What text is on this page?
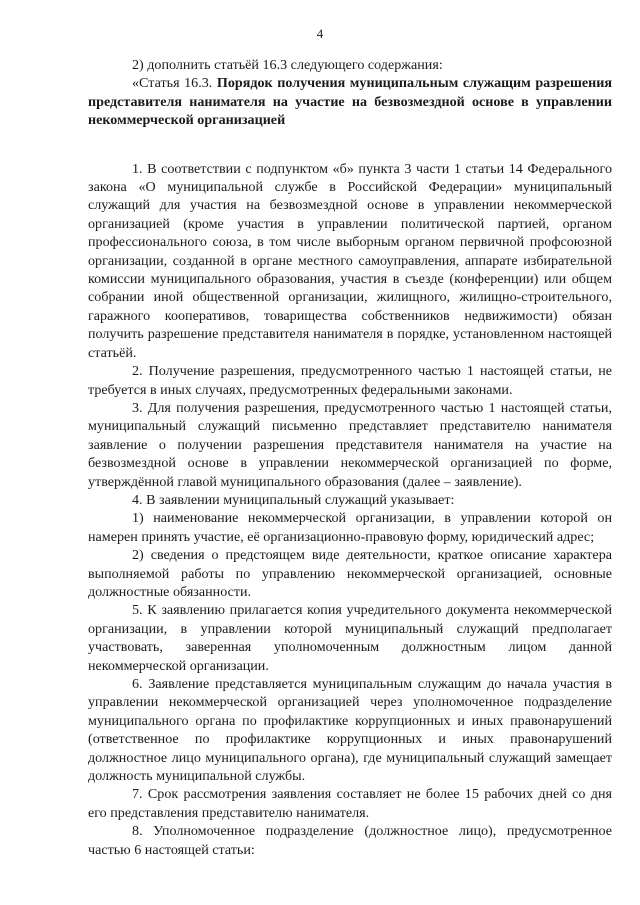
4

2) дополнить статьёй 16.3 следующего содержания:

«Статья 16.3. Порядок получения муниципальным служащим разрешения представителя нанимателя на участие на безвозмездной основе в управлении некоммерческой организацией

1. В соответствии с подпунктом «б» пункта 3 части 1 статьи 14 Федерального закона «О муниципальной службе в Российской Федерации» муниципальный служащий для участия на безвозмездной основе в управлении некоммерческой организацией (кроме участия в управлении политической партией, органом профессионального союза, в том числе выборным органом первичной профсоюзной организации, созданной в органе местного самоуправления, аппарате избирательной комиссии муниципального образования, участия в съезде (конференции) или общем собрании иной общественной организации, жилищного, жилищно-строительного, гаражного кооперативов, товарищества собственников недвижимости) обязан получить разрешение представителя нанимателя в порядке, установленном настоящей статьёй.

2. Получение разрешения, предусмотренного частью 1 настоящей статьи, не требуется в иных случаях, предусмотренных федеральными законами.

3. Для получения разрешения, предусмотренного частью 1 настоящей статьи, муниципальный служащий письменно представляет представителю нанимателя заявление о получении разрешения представителя нанимателя на участие на безвозмездной основе в управлении некоммерческой организацией по форме, утверждённой главой муниципального образования (далее – заявление).

4. В заявлении муниципальный служащий указывает:

1) наименование некоммерческой организации, в управлении которой он намерен принять участие, её организационно-правовую форму, юридический адрес;

2) сведения о предстоящем виде деятельности, краткое описание характера выполняемой работы по управлению некоммерческой организацией, основные должностные обязанности.

5. К заявлению прилагается копия учредительного документа некоммерческой организации, в управлении которой муниципальный служащий предполагает участвовать, заверенная уполномоченным должностным лицом данной некоммерческой организации.

6. Заявление представляется муниципальным служащим до начала участия в управлении некоммерческой организацией через уполномоченное подразделение муниципального органа по профилактике коррупционных и иных правонарушений (ответственное по профилактике коррупционных и иных правонарушений должностное лицо муниципального органа), где муниципальный служащий замещает должность муниципальной службы.

7. Срок рассмотрения заявления составляет не более 15 рабочих дней со дня его представления представителю нанимателя.

8. Уполномоченное подразделение (должностное лицо), предусмотренное частью 6 настоящей статьи:
